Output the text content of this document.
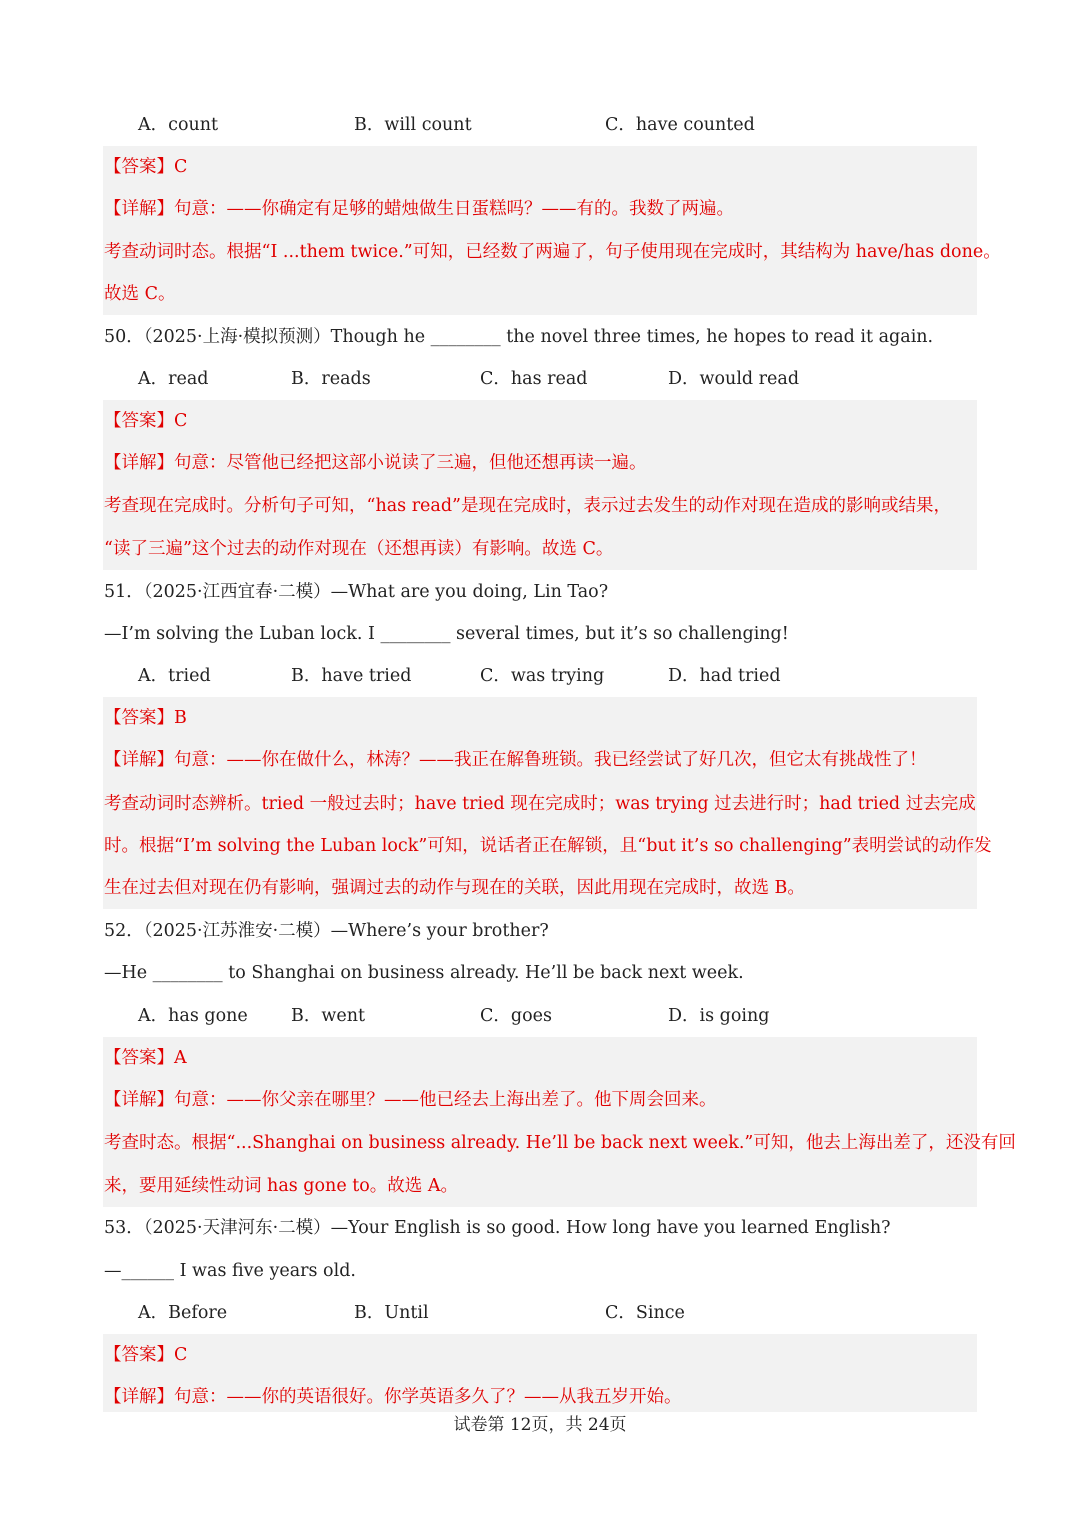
A．count	B．will count	C．have counted
【答案】C
【详解】句意：——你确定有足够的蜡烛做生日蛋糕吗？——有的。我数了两遍。
考查动词时态。根据“I ...them twice.”可知，已经数了两遍了，句子使用现在完成时，其结构为 have/has done。
故选 C。
50．（2025·上海·模拟预测）Though he ________ the novel three times, he hopes to read it again.
A．read	B．reads	C．has read	D．would read
【答案】C
【详解】句意：尽管他已经把这部小说读了三遍，但他还想再读一遍。
考查现在完成时。分析句子可知，“has read”是现在完成时，表示过去发生的动作对现在造成的影响或结果，
“读了三遍”这个过去的动作对现在（还想再读）有影响。故选 C。
51．（2025·江西宜春·二模）—What are you doing, Lin Tao?
—I’m solving the Luban lock. I ________ several times, but it’s so challenging!
A．tried	B．have tried	C．was trying	D．had tried
【答案】B
【详解】句意：——你在做什么，林涛？——我正在解鲁班锁。我已经尝试了好几次，但它太有挑战性了！
考查动词时态辨析。tried 一般过去时；have tried 现在完成时；was trying 过去进行时；had tried 过去完成
时。根据“I’m solving the Luban lock”可知，说话者正在解锁，且“but it’s so challenging”表明尝试的动作发
生在过去但对现在仍有影响，强调过去的动作与现在的关联，因此用现在完成时，故选 B。
52．（2025·江苏淮安·二模）—Where’s your brother?
—He ________ to Shanghai on business already. He’ll be back next week.
A．has gone B．went	C．goes	D．is going
【答案】A
【详解】句意：——你父亲在哪里？——他已经去上海出差了。他下周会回来。
考查时态。根据“...Shanghai on business already. He’ll be back next week.”可知，他去上海出差了，还没有回
来，要用延续性动词 has gone to。故选 A。
53．（2025·天津河东·二模）—Your English is so good. How long have you learned English?
—______ I was five years old.
A．Before	B．Until	C．Since
【答案】C
【详解】句意：——你的英语很好。你学英语多久了？——从我五岁开始。
试卷第 12页，共 24页
